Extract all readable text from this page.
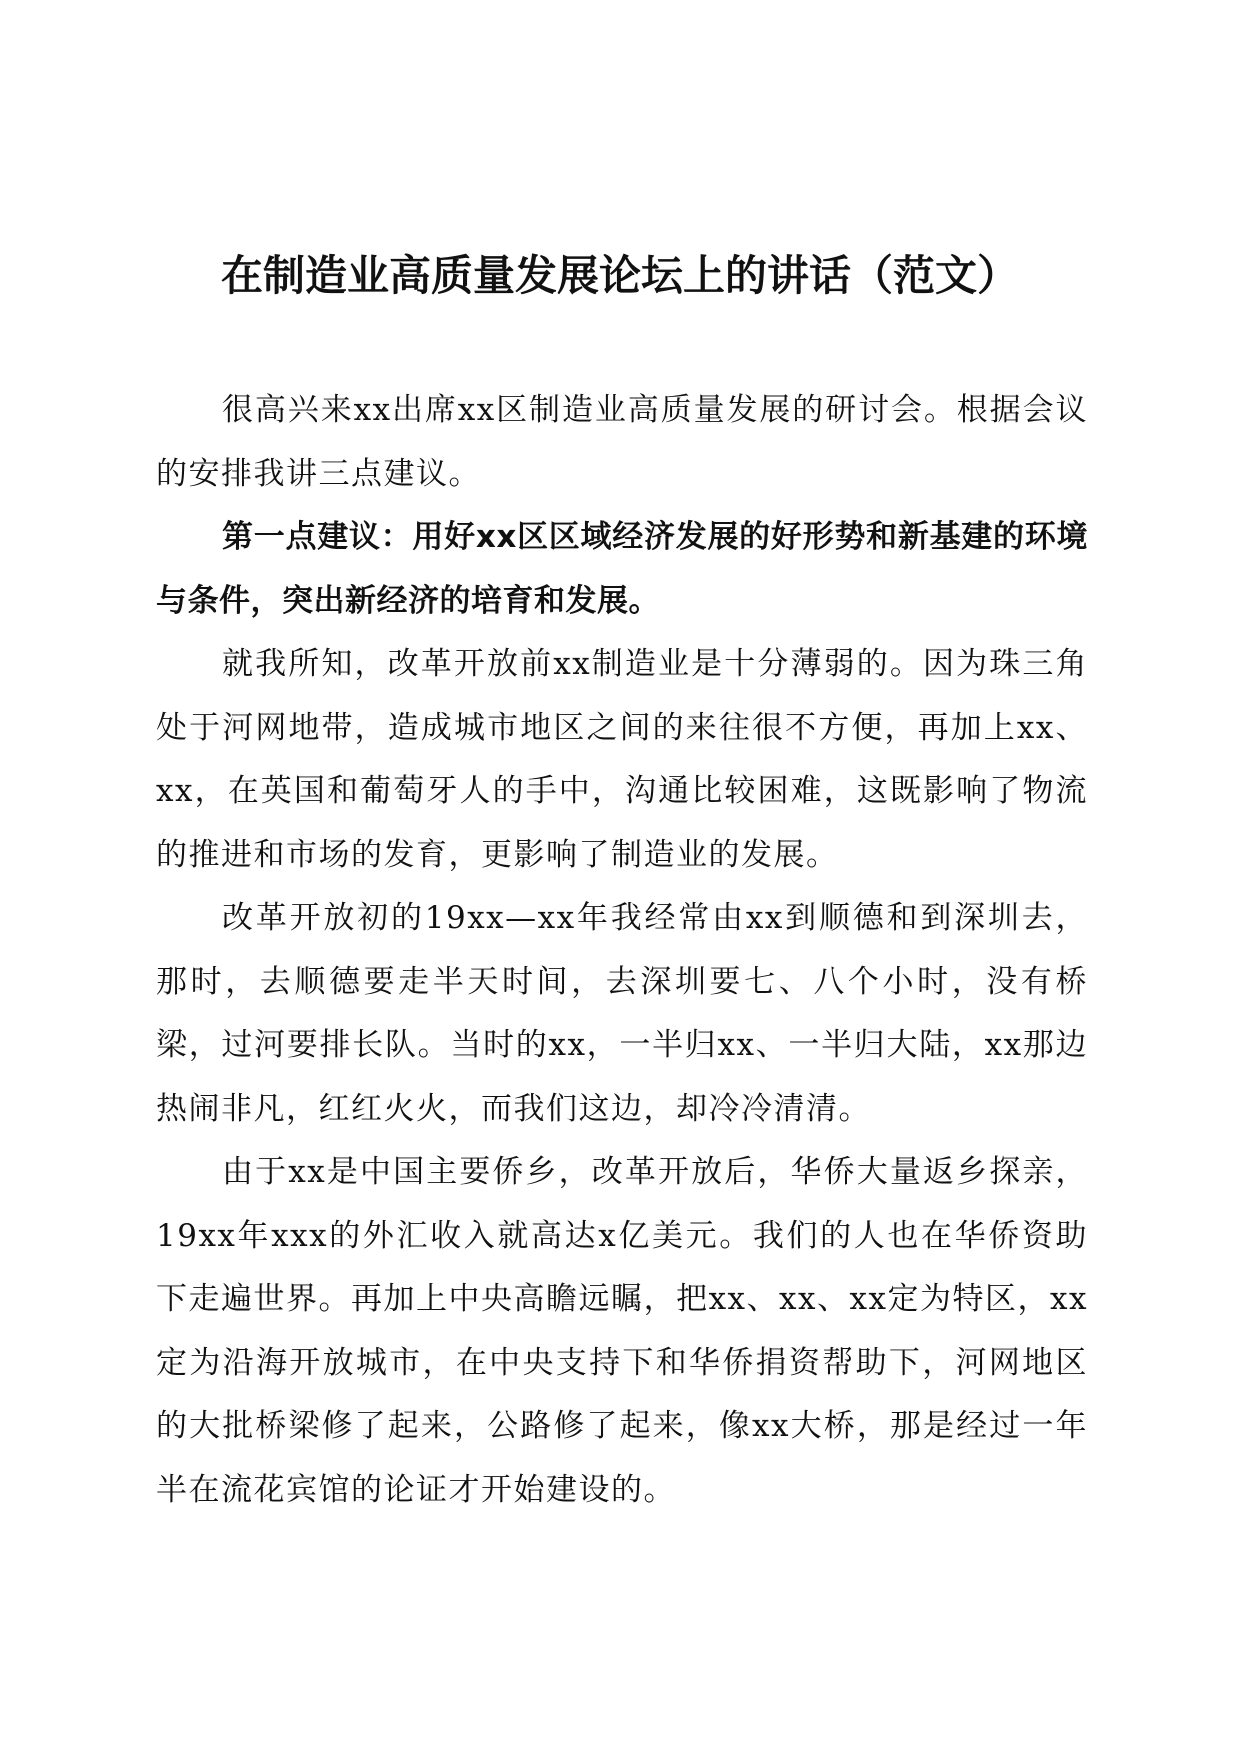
在制造业高质量发展论坛上的讲话（范文）

很高兴来xx出席xx区制造业高质量发展的研讨会。根据会议的安排我讲三点建议。

第一点建议：用好xx区区域经济发展的好形势和新基建的环境与条件，突出新经济的培育和发展。

就我所知，改革开放前xx制造业是十分薄弱的。因为珠三角处于河网地带，造成城市地区之间的来往很不方便，再加上xx、xx，在英国和葡萄牙人的手中，沟通比较困难，这既影响了物流的推进和市场的发育，更影响了制造业的发展。

改革开放初的19xx—xx年我经常由xx到顺德和到深圳去，那时，去顺德要走半天时间，去深圳要七、八个小时，没有桥梁，过河要排长队。当时的xx，一半归xx、一半归大陆，xx那边热闹非凡，红红火火，而我们这边，却冷冷清清。

由于xx是中国主要侨乡，改革开放后，华侨大量返乡探亲，19xx年xxx的外汇收入就高达x亿美元。我们的人也在华侨资助下走遍世界。再加上中央高瞻远瞩，把xx、xx、xx定为特区，xx定为沿海开放城市，在中央支持下和华侨捐资帮助下，河网地区的大批桥梁修了起来，公路修了起来，像xx大桥，那是经过一年半在流花宾馆的论证才开始建设的。
